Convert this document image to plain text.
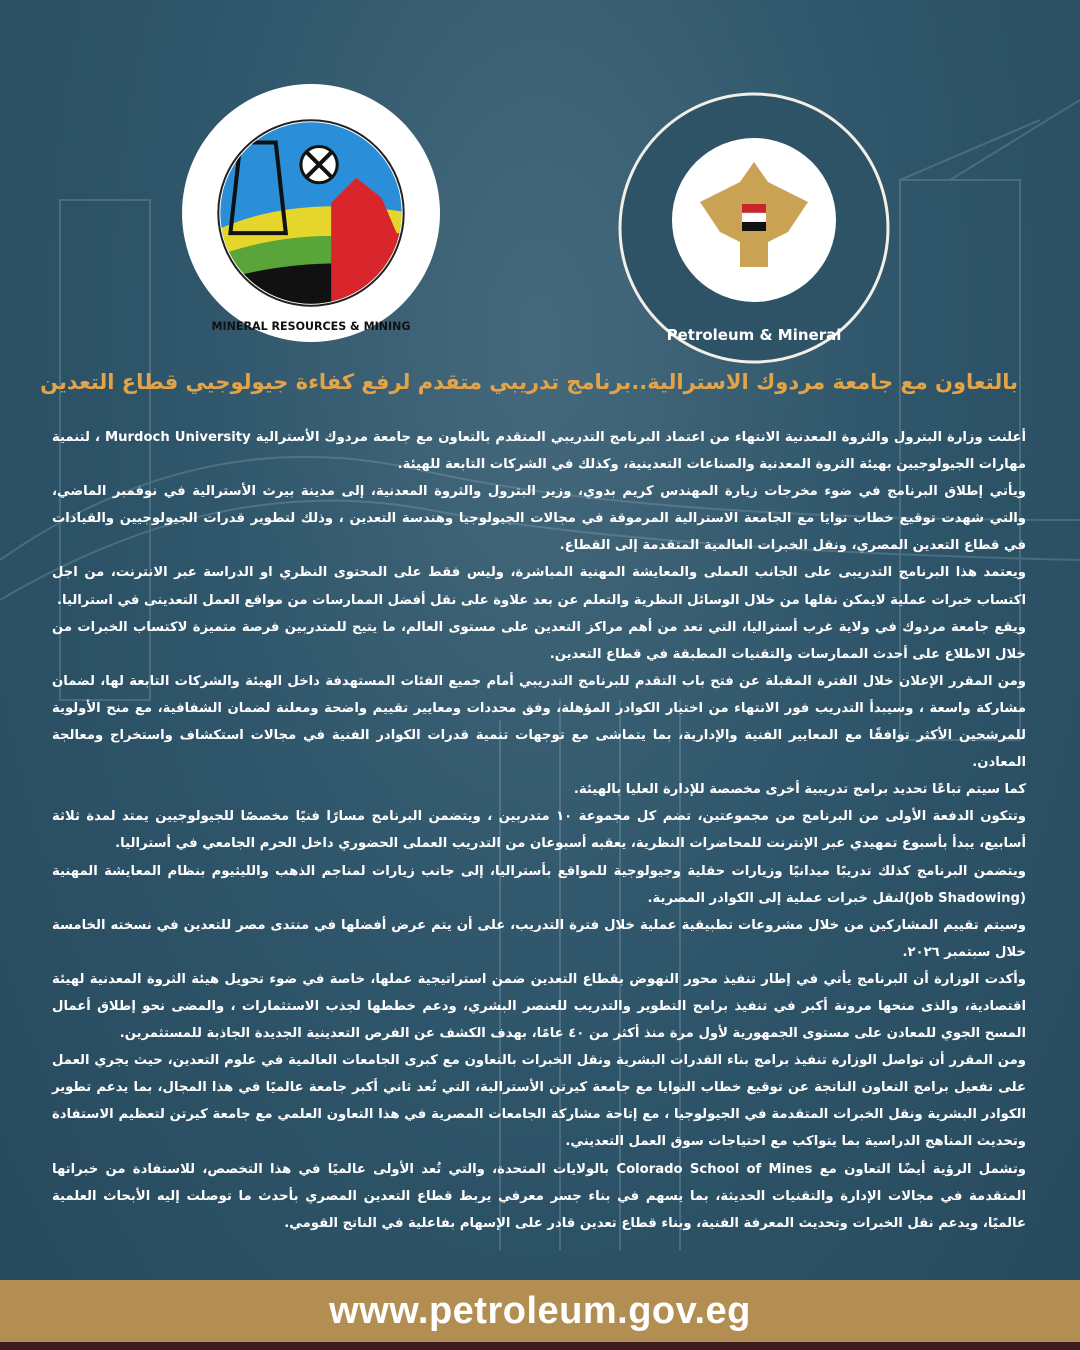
MINERAL RESOURCES & MINING	Petroleum & Mineral
بالتعاون مع جامعة مردوك الاسترالية..برنامج تدريبي متقدم لرفع كفاءة جيولوجيي قطاع التعدين

أعلنت وزارة البترول والثروة المعدنية الانتهاء من اعتماد البرنامج التدريبي المتقدم بالتعاون مع جامعة مردوك الأسترالية Murdoch University ، لتنمية مهارات الجيولوجيين بهيئة الثروة المعدنية والصناعات التعدينية، وكذلك في الشركات التابعة للهيئة.

ويأتي إطلاق البرنامج في ضوء مخرجات زيارة المهندس كريم بدوي، وزير البترول والثروة المعدنية، إلى مدينة بيرث الأسترالية في نوفمبر الماضي، والتي شهدت توقيع خطاب نوايا مع الجامعة الاسترالية المرموقة في مجالات الجيولوجيا وهندسة التعدين ، وذلك لتطوير قدرات الجيولوجيين والقيادات في قطاع التعدين المصري، ونقل الخبرات العالمية المتقدمة إلى القطاع.

ويعتمد هذا البرنامج التدريبى على الجانب العملى والمعايشة المهنية المباشرة، وليس فقط على المحتوى النظري او الدراسة عبر الانترنت، من اجل اكتساب خبرات عملية لايمكن نقلها من خلال الوسائل النظرية والتعلم عن بعد علاوة على نقل أفضل الممارسات من مواقع العمل التعدينى في استراليا.

ويقع جامعة مردوك في ولاية غرب أستراليا، التي تعد من أهم مراكز التعدين على مستوى العالم، ما يتيح للمتدربين فرصة متميزة لاكتساب الخبرات من خلال الاطلاع على أحدث الممارسات والتقنيات المطبقة في قطاع التعدين.

ومن المقرر الإعلان خلال الفترة المقبلة عن فتح باب التقدم للبرنامج التدريبي أمام جميع الفئات المستهدفة داخل الهيئة والشركات التابعة لها، لضمان مشاركة واسعة ، وسيبدأ التدريب فور الانتهاء من اختيار الكوادر المؤهلة، وفق محددات ومعايير تقييم واضحة ومعلنة لضمان الشفافية، مع منح الأولوية للمرشحين الأكثر توافقًا مع المعايير الفنية والإدارية، بما يتماشى مع توجهات تنمية قدرات الكوادر الفنية في مجالات استكشاف واستخراج ومعالجة المعادن.

كما سيتم تباعًا تحديد برامج تدريبية أخرى مخصصة للإدارة العليا بالهيئة.

وتتكون الدفعة الأولى من البرنامج من مجموعتين، تضم كل مجموعة ١٠ متدربين ، ويتضمن البرنامج مسارًا فنيًا مخصصًا للجيولوجيين يمتد لمدة ثلاثة أسابيع، يبدأ بأسبوع تمهيدي عبر الإنترنت للمحاضرات النظرية، يعقبه أسبوعان من التدريب العملى الحضوري داخل الحرم الجامعي في أستراليا.

ويتضمن البرنامج كذلك تدريبًا ميدانيًا وزيارات حقلية وجيولوجية للمواقع بأستراليا، إلى جانب زيارات لمناجم الذهب والليثيوم بنظام المعايشة المهنية (Job Shadowing)لنقل خبرات عملية إلى الكوادر المصرية.

وسيتم تقييم المشاركين من خلال مشروعات تطبيقية عملية خلال فترة التدريب، على أن يتم عرض أفضلها في منتدى مصر للتعدين في نسخته الخامسة خلال سبتمبر ٢٠٢٦.

وأكدت الوزارة أن البرنامج يأتي في إطار تنفيذ محور النهوض بقطاع التعدين ضمن استراتيجية عملها، خاصة في ضوء تحويل هيئة الثروة المعدنية لهيئة اقتصادية، والذى منحها مرونة أكبر في تنفيذ برامج التطوير والتدريب للعنصر البشري، ودعم خططها لجذب الاستثمارات ، والمضى نحو إطلاق أعمال المسح الجوي للمعادن على مستوى الجمهورية لأول مرة منذ أكثر من ٤٠ عامًا، بهدف الكشف عن الفرص التعدينية الجديدة الجاذبة للمستثمرين.

ومن المقرر أن تواصل الوزارة تنفيذ برامج بناء القدرات البشرية ونقل الخبرات بالتعاون مع كبرى الجامعات العالمية في علوم التعدين، حيث يجري العمل على تفعيل برامج التعاون الناتجة عن توقيع خطاب النوايا مع جامعة كيرتن الأسترالية، التي تُعد ثاني أكبر جامعة عالميًا في هذا المجال، بما يدعم تطوير الكوادر البشرية ونقل الخبرات المتقدمة في الجيولوجيا ، مع إتاحة مشاركة الجامعات المصرية في هذا التعاون العلمي مع جامعة كيرتن لتعظيم الاستفادة وتحديث المناهج الدراسية بما يتواكب مع احتياجات سوق العمل التعديني.

وتشمل الرؤية أيضًا التعاون مع Colorado School of Mines بالولايات المتحدة، والتي تُعد الأولى عالميًا في هذا التخصص، للاستفادة من خبراتها المتقدمة في مجالات الإدارة والتقنيات الحديثة، بما يسهم في بناء جسر معرفي يربط قطاع التعدين المصري بأحدث ما توصلت إليه الأبحاث العلمية عالميًا، ويدعم نقل الخبرات وتحديث المعرفة الفنية، وبناء قطاع تعدين قادر على الإسهام بفاعلية في الناتج القومي.

www.petroleum.gov.eg
